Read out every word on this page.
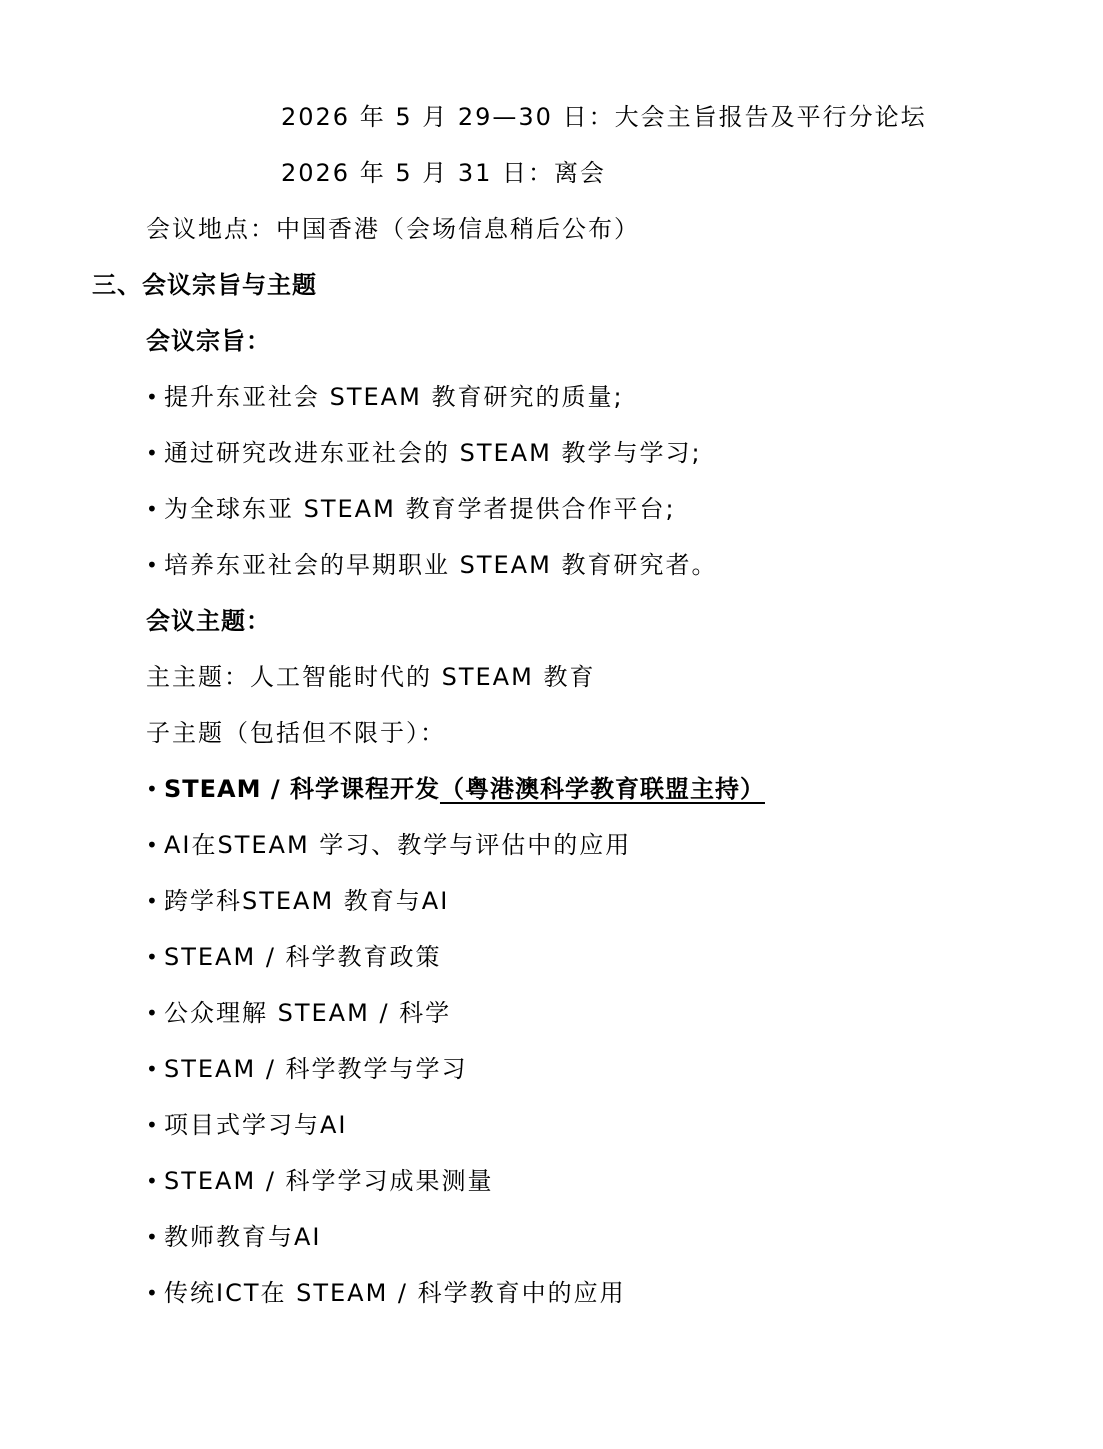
2026 年 5 月 29—30 日：大会主旨报告及平行分论坛
2026 年 5 月 31 日：离会
会议地点：中国香港（会场信息稍后公布）
三、会议宗旨与主题
会议宗旨：
• 提升东亚社会 STEAM 教育研究的质量;
• 通过研究改进东亚社会的 STEAM 教学与学习;
• 为全球东亚 STEAM 教育学者提供合作平台;
• 培养东亚社会的早期职业 STEAM 教育研究者。
会议主题：
主主题：人工智能时代的 STEAM 教育
子主题（包括但不限于）：
• STEAM / 科学课程开发（粤港澳科学教育联盟主持）
• AI在STEAM 学习、教学与评估中的应用
• 跨学科STEAM 教育与AI
• STEAM / 科学教育政策
• 公众理解 STEAM / 科学
• STEAM / 科学教学与学习
• 项目式学习与AI
• STEAM / 科学学习成果测量
• 教师教育与AI
• 传统ICT在 STEAM / 科学教育中的应用
